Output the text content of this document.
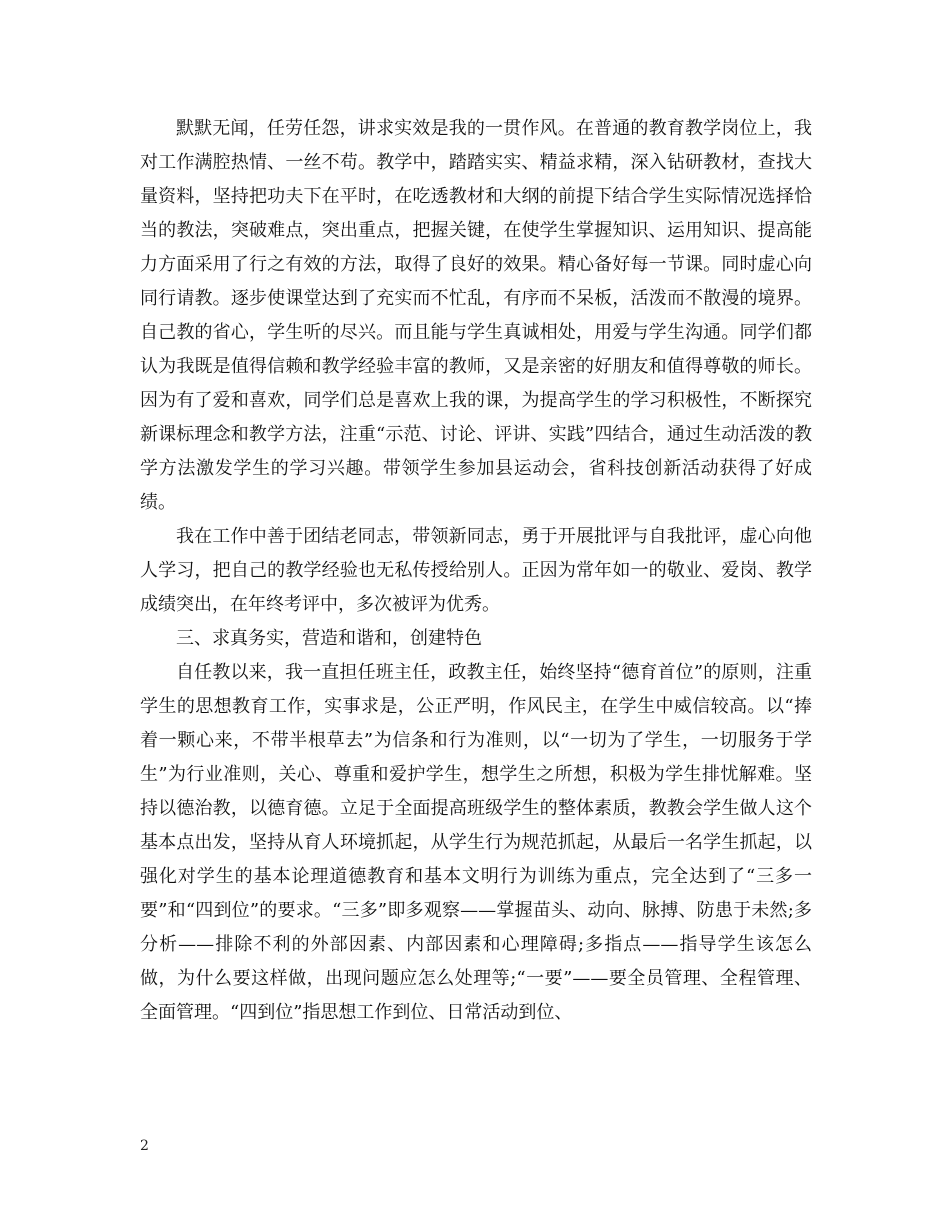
默默无闻，任劳任怨，讲求实效是我的一贯作风。在普通的教育教学岗位上，我对工作满腔热情、一丝不苟。教学中，踏踏实实、精益求精，深入钻研教材，查找大量资料，坚持把功夫下在平时，在吃透教材和大纲的前提下结合学生实际情况选择恰当的教法，突破难点，突出重点，把握关键，在使学生掌握知识、运用知识、提高能力方面采用了行之有效的方法，取得了良好的效果。精心备好每一节课。同时虚心向同行请教。逐步使课堂达到了充实而不忙乱，有序而不呆板，活泼而不散漫的境界。自己教的省心，学生听的尽兴。而且能与学生真诚相处，用爱与学生沟通。同学们都认为我既是值得信赖和教学经验丰富的教师，又是亲密的好朋友和值得尊敬的师长。因为有了爱和喜欢，同学们总是喜欢上我的课，为提高学生的学习积极性，不断探究新课标理念和教学方法，注重“示范、讨论、评讲、实践”四结合，通过生动活泼的教学方法激发学生的学习兴趣。带领学生参加县运动会，省科技创新活动获得了好成绩。

我在工作中善于团结老同志，带领新同志，勇于开展批评与自我批评，虚心向他人学习，把自己的教学经验也无私传授给别人。正因为常年如一的敬业、爱岗、教学成绩突出，在年终考评中，多次被评为优秀。

三、求真务实，营造和谐和，创建特色

自任教以来，我一直担任班主任，政教主任，始终坚持“德育首位”的原则，注重学生的思想教育工作，实事求是，公正严明，作风民主，在学生中威信较高。以“捧着一颗心来，不带半根草去”为信条和行为准则，以“一切为了学生，一切服务于学生”为行业准则，关心、尊重和爱护学生，想学生之所想，积极为学生排忧解难。坚持以德治教，以德育德。立足于全面提高班级学生的整体素质，教教会学生做人这个基本点出发，坚持从育人环境抓起，从学生行为规范抓起，从最后一名学生抓起，以强化对学生的基本论理道德教育和基本文明行为训练为重点，完全达到了“三多一要”和“四到位”的要求。“三多”即多观察——掌握苗头、动向、脉搏、防患于未然;多分析——排除不利的外部因素、内部因素和心理障碍;多指点——指导学生该怎么做，为什么要这样做，出现问题应怎么处理等;“一要”——要全员管理、全程管理、全面管理。“四到位”指思想工作到位、日常活动到位、

2
